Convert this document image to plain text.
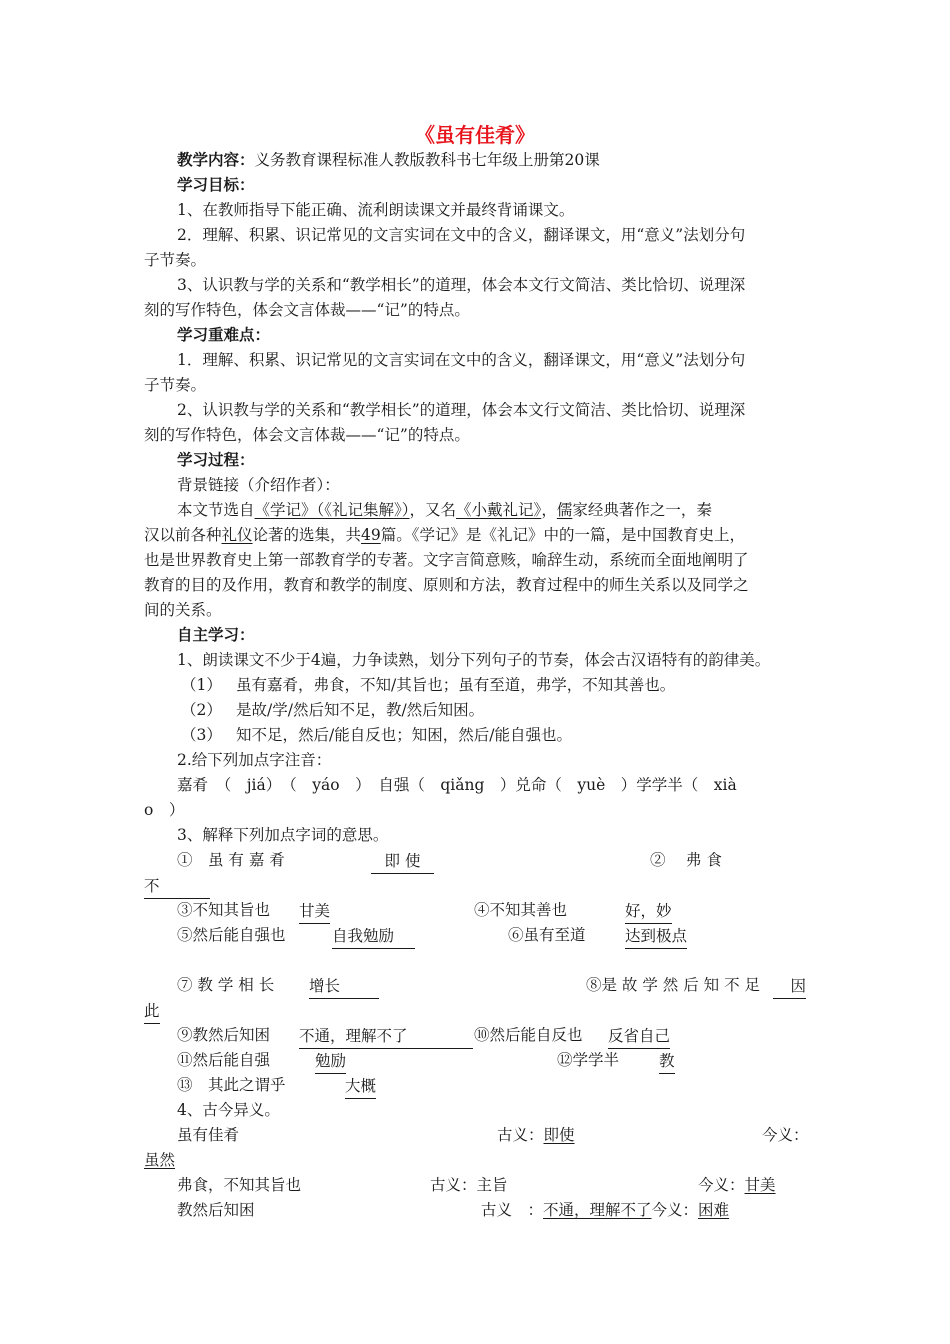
《虽有佳肴》
教学内容：义务教育课程标准人教版教科书七年级上册第20课
学习目标：
1、在教师指导下能正确、流利朗读课文并最终背诵课文。
2．理解、积累、识记常见的文言实词在文中的含义，翻译课文，用“意义”法划分句
子节奏。
3、认识教与学的关系和“教学相长”的道理，体会本文行文简洁、类比恰切、说理深
刻的写作特色，体会文言体裁——“记”的特点。
学习重难点：
1．理解、积累、识记常见的文言实词在文中的含义，翻译课文，用“意义”法划分句
子节奏。
2、认识教与学的关系和“教学相长”的道理，体会本文行文简洁、类比恰切、说理深
刻的写作特色，体会文言体裁——“记”的特点。
学习过程：
背景链接（介绍作者）：
本文节选自《学记》（《礼记集解》），又名《小戴礼记》，儒家经典著作之一，秦
汉以前各种礼仪论著的选集，共49篇。《学记》是《礼记》中的一篇，是中国教育史上，
也是世界教育史上第一部教育学的专著。文字言简意赅，喻辞生动，系统而全面地阐明了
教育的目的及作用，教育和教学的制度、原则和方法，教育过程中的师生关系以及同学之
间的关系。
自主学习：
1、朗读课文不少于4遍，力争读熟，划分下列句子的节奏，体会古汉语特有的韵律美。
（1） 虽有嘉肴，弗食，不知/其旨也；虽有至道，弗学，不知其善也。
（2） 是故/学/然后知不足，教/然后知困。
（3） 知不足，然后/能自反也；知困，然后/能自强也。
2.给下列加点字注音：
嘉肴　（　jiá）　（　yáo　）　自强（　qiǎng　）兑命（　yuè　）学学半（　xià
o　）
3、解释下列加点字词的意思。
①　虽 有 嘉 肴	即 使	②　 弗 食
不
③不知其旨也 甘美	④不知其善也	好，妙
⑤然后能自强也	自我勉励	⑥虽有至道	达到极点
⑦ 教 学 相 长 增长	⑧是 故 学 然 后 知 不 足	因
此
⑨教然后知困 不通，理解不了	⑩然后能自反也 反省自己
⑪然后能自强	勉励	⑫学学半	教
⑬　其此之谓乎	大概
4、古今异义。
虽有佳肴	古义：即使	今义：
虽然
弗食，不知其旨也	古义：主旨	今义：甘美
教然后知困	古义　：不通，理解不了今义：困难
